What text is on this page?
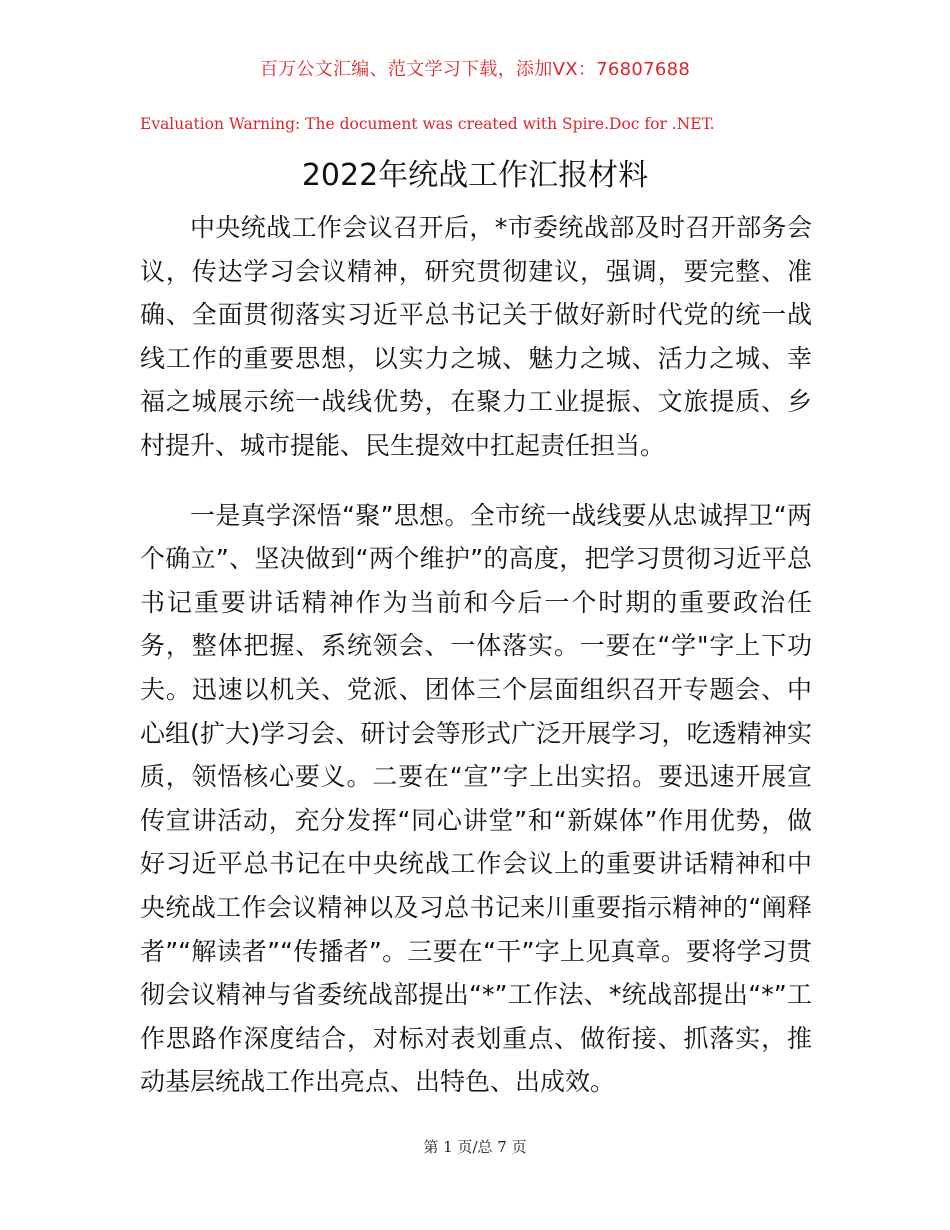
百万公文汇编、范文学习下载，添加VX：76807688
Evaluation Warning: The document was created with Spire.Doc for .NET.
2022年统战工作汇报材料

中央统战工作会议召开后，*市委统战部及时召开部务会议，传达学习会议精神，研究贯彻建议，强调，要完整、准确、全面贯彻落实习近平总书记关于做好新时代党的统一战线工作的重要思想，以实力之城、魅力之城、活力之城、幸福之城展示统一战线优势，在聚力工业提振、文旅提质、乡村提升、城市提能、民生提效中扛起责任担当。

一是真学深悟“聚”思想。全市统一战线要从忠诚捍卫“两个确立”、坚决做到“两个维护”的高度，把学习贯彻习近平总书记重要讲话精神作为当前和今后一个时期的重要政治任务，整体把握、系统领会、一体落实。一要在“学"字上下功夫。迅速以机关、党派、团体三个层面组织召开专题会、中心组(扩大)学习会、研讨会等形式广泛开展学习，吃透精神实质，领悟核心要义。二要在“宣”字上出实招。要迅速开展宣传宣讲活动，充分发挥“同心讲堂”和“新媒体”作用优势，做好习近平总书记在中央统战工作会议上的重要讲话精神和中央统战工作会议精神以及习总书记来川重要指示精神的“阐释者”“解读者”“传播者”。三要在“干”字上见真章。要将学习贯彻会议精神与省委统战部提出“*”工作法、*统战部提出“*”工作思路作深度结合，对标对表划重点、做衔接、抓落实，推动基层统战工作出亮点、出特色、出成效。

第 1 页/总 7 页
